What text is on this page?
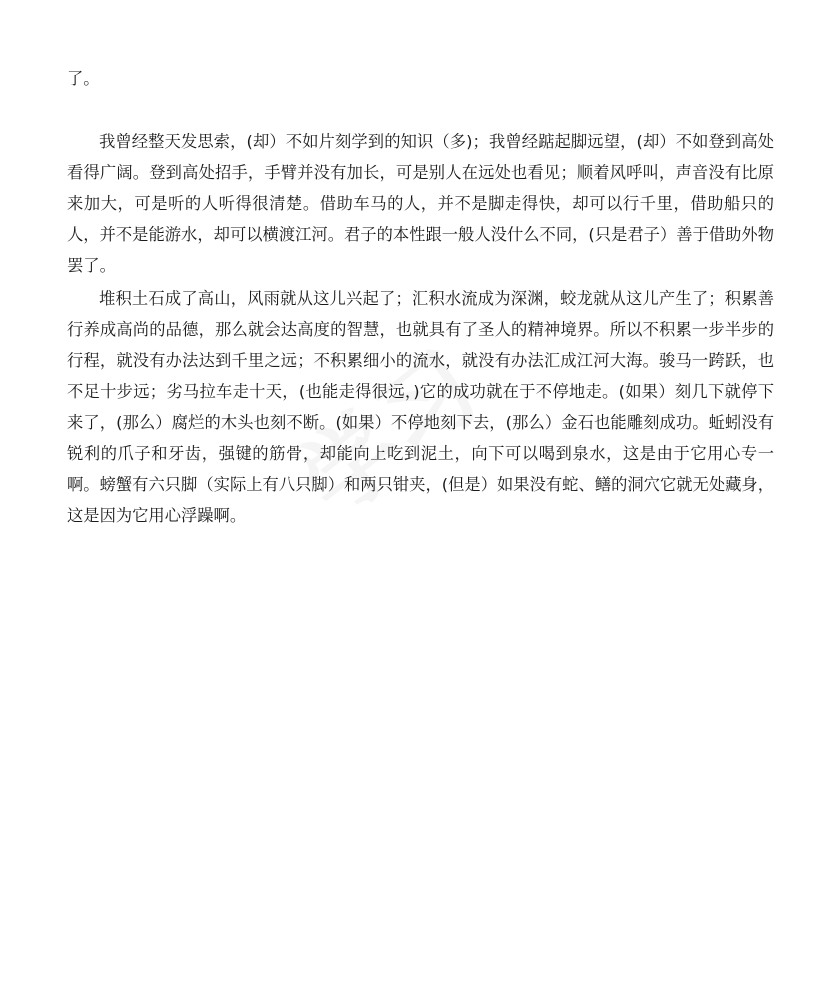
了。

我曾经整天发思索，(却）不如片刻学到的知识（多)；我曾经踮起脚远望，(却）不如登到高处看得广阔。登到高处招手，手臂并没有加长，可是别人在远处也看见；顺着风呼叫，声音没有比原来加大，可是听的人听得很清楚。借助车马的人，并不是脚走得快，却可以行千里，借助船只的人，并不是能游水，却可以横渡江河。君子的本性跟一般人没什么不同，(只是君子）善于借助外物罢了。

堆积土石成了高山，风雨就从这儿兴起了；汇积水流成为深渊，蛟龙就从这儿产生了；积累善行养成高尚的品德，那么就会达高度的智慧，也就具有了圣人的精神境界。所以不积累一步半步的行程，就没有办法达到千里之远；不积累细小的流水，就没有办法汇成江河大海。骏马一跨跃，也不足十步远；劣马拉车走十天，(也能走得很远，)它的成功就在于不停地走。(如果）刻几下就停下来了，(那么）腐烂的木头也刻不断。(如果）不停地刻下去，(那么）金石也能雕刻成功。蚯蚓没有锐利的爪子和牙齿，强键的筋骨，却能向上吃到泥土，向下可以喝到泉水，这是由于它用心专一啊。螃蟹有六只脚（实际上有八只脚）和两只钳夹，(但是）如果没有蛇、鳝的洞穴它就无处藏身，这是因为它用心浮躁啊。
